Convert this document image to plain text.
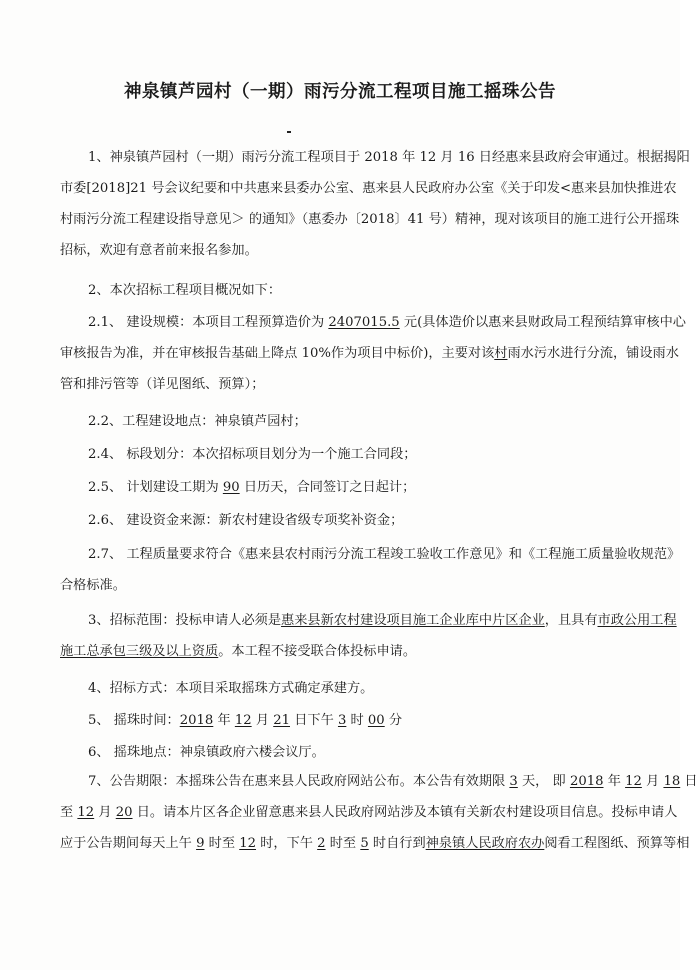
神泉镇芦园村（一期）雨污分流工程项目施工摇珠公告
1、神泉镇芦园村（一期）雨污分流工程项目于 2018 年 12 月 16 日经惠来县政府会审通过。根据揭阳
市委[2018]21 号会议纪要和中共惠来县委办公室、惠来县人民政府办公室《关于印发<惠来县加快推进农
村雨污分流工程建设指导意见＞ 的通知》（惠委办〔2018〕41 号）精神，现对该项目的施工进行公开摇珠
招标，欢迎有意者前来报名参加。
2、本次招标工程项目概况如下：
2.1、 建设规模：本项目工程预算造价为 2407015.5 元(具体造价以惠来县财政局工程预结算审核中心
审核报告为准，并在审核报告基础上降点 10%作为项目中标价)，主要对该村雨水污水进行分流，铺设雨水
管和排污管等（详见图纸、预算）；
2.2、工程建设地点：神泉镇芦园村；
2.4、 标段划分：本次招标项目划分为一个施工合同段；
2.5、 计划建设工期为 90 日历天，合同签订之日起计；
2.6、 建设资金来源：新农村建设省级专项奖补资金；
2.7、 工程质量要求符合《惠来县农村雨污分流工程竣工验收工作意见》和《工程施工质量验收规范》
合格标准。
3、招标范围：投标申请人必须是惠来县新农村建设项目施工企业库中片区企业，且具有市政公用工程
施工总承包三级及以上资质。本工程不接受联合体投标申请。
4、招标方式：本项目采取摇珠方式确定承建方。
5、 摇珠时间：2018 年 12 月 21 日下午 3 时 00 分
6、 摇珠地点：神泉镇政府六楼会议厅。
7、公告期限：本摇珠公告在惠来县人民政府网站公布。本公告有效期限 3 天， 即 2018 年 12 月 18 日
至 12 月 20 日。请本片区各企业留意惠来县人民政府网站涉及本镇有关新农村建设项目信息。投标申请人
应于公告期间每天上午 9 时至 12 时，下午 2 时至 5 时自行到神泉镇人民政府农办阅看工程图纸、预算等相
